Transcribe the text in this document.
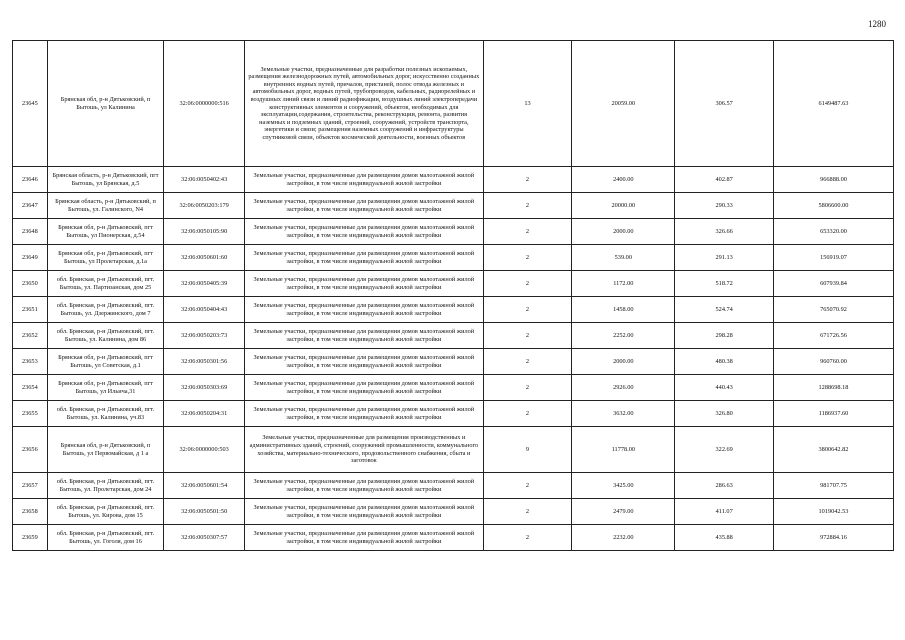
1280
23645	Брянская обл, р-н Дятьковский, п Бытошь, ул Калинина	32:06:0000000:516	Земельные участки, предназначенные для разработки полезных ископаемых, размещения железнодорожных путей, автомобильных дорог, искусственно созданных внутренних водных путей, причалов, пристаней, полос отвода железных и автомобильных дорог, водных путей, трубопроводов, кабельных, радиорелейных и воздушных линий связи и линий радиофикации, воздушных линий электропередачи конструктивных элементов и сооружений, объектов, необходимых для эксплуатации,содержания, строительства, реконструкции, ремонта, развития наземных и подземных зданий, строений, сооружений, устройств транспорта, энергетики и связи; размещения наземных сооружений и инфраструктуры спутниковой связи, объектов космической деятельности, военных объектов	13	20059.00	306.57	6149487.63
23646	Брянская область, р-н Дятьковский, пгт Бытошь, ул Брянская, д.5	32:06:0050402:43	Земельные участки, предназначенные для размещения домов малоэтажной жилой застройки, в том числе индивидуальной жилой застройки	2	2400.00	402.87	966888.00
23647	Брянская область, р-н Дятьковский, п Бытошь, ул. Галинского, N4	32:06:0050203:179	Земельные участки, предназначенные для размещения домов малоэтажной жилой застройки, в том числе индивидуальной жилой застройки	2	20000.00	290.33	5806600.00
23648	Брянская обл, р-н Дятьковский, пгт Бытошь, ул Пионерская, д.54	32:06:0050105:90	Земельные участки, предназначенные для размещения домов малоэтажной жилой застройки, в том числе индивидуальной жилой застройки	2	2000.00	326.66	653320.00
23649	Брянская обл, р-н Дятьковский, пгт Бытошь, ул Пролетарская, д.1а	32:06:0050601:60	Земельные участки, предназначенные для размещения домов малоэтажной жилой застройки, в том числе индивидуальной жилой застройки	2	539.00	291.13	156919.07
23650	обл. Брянская, р-н Дятьковский, пгт. Бытошь, ул. Партизанская, дом 25	32:06:0050405:39	Земельные участки, предназначенные для размещения домов малоэтажной жилой застройки, в том числе индивидуальной жилой застройки	2	1172.00	518.72	607939.84
23651	обл. Брянская, р-н Дятьковский, пгт. Бытошь, ул. Дзержинского, дом 7	32:06:0050404:43	Земельные участки, предназначенные для размещения домов малоэтажной жилой застройки, в том числе индивидуальной жилой застройки	2	1458.00	524.74	765070.92
23652	обл. Брянская, р-н Дятьковский, пгт. Бытошь, ул. Калинина, дом 86	32:06:0050203:73	Земельные участки, предназначенные для размещения домов малоэтажной жилой застройки, в том числе индивидуальной жилой застройки	2	2252.00	298.28	671726.56
23653	Брянская обл, р-н Дятьковский, пгт Бытошь, ул Советская, д.1	32:06:0050301:56	Земельные участки, предназначенные для размещения домов малоэтажной жилой застройки, в том числе индивидуальной жилой застройки	2	2000.00	480.38	960760.00
23654	Брянская обл, р-н Дятьковский, пгт Бытошь, ул Ильича,31	32:06:0050303:69	Земельные участки, предназначенные для размещения домов малоэтажной жилой застройки, в том числе индивидуальной жилой застройки	2	2926.00	440.43	1288698.18
23655	обл. Брянская, р-н Дятьковский, пгт. Бытошь, ул. Калинина, уч.83	32:06:0050204:31	Земельные участки, предназначенные для размещения домов малоэтажной жилой застройки, в том числе индивидуальной жилой застройки	2	3632.00	326.80	1186937.60
23656	Брянская обл, р-н Дятьковский, п Бытошь, ул Первомайская, д 1 а	32:06:0000000:503	Земельные участки, предназначенные для размещения производственных и административных зданий, строений, сооружений промышленности, коммунального хозяйства, материально-технического, продовольственного снабжения, сбыта и заготовок	9	11778.00	322.69	3800642.82
23657	обл. Брянская, р-н Дятьковский, пгт. Бытошь, ул. Пролетарская, дом 24	32:06:0050601:54	Земельные участки, предназначенные для размещения домов малоэтажной жилой застройки, в том числе индивидуальной жилой застройки	2	3425.00	286.63	981707.75
23658	обл. Брянская, р-н Дятьковский, пгт. Бытошь, ул. Кирова, дом 15	32:06:0050501:50	Земельные участки, предназначенные для размещения домов малоэтажной жилой застройки, в том числе индивидуальной жилой застройки	2	2479.00	411.07	1019042.53
23659	обл. Брянская, р-н Дятьковский, пгт. Бытошь, ул. Гоголя, дом 16	32:06:0050307:57	Земельные участки, предназначенные для размещения домов малоэтажной жилой застройки, в том числе индивидуальной жилой застройки	2	2232.00	435.88	972884.16
